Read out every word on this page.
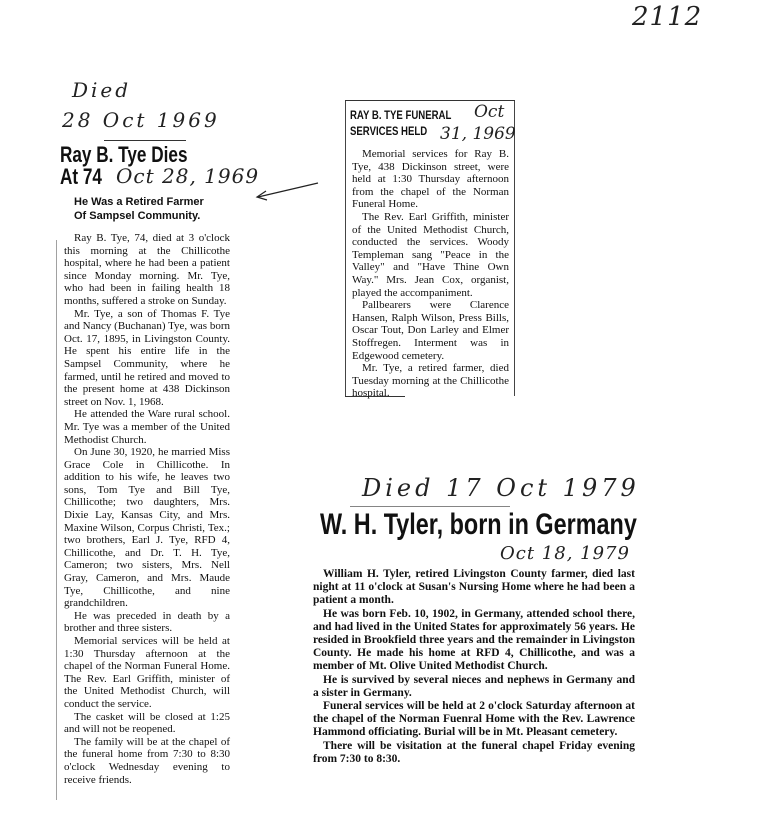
2112
Died
28 Oct 1969
Ray B. Tye Dies
At 74 Oct 28, 1969
He Was a Retired Farmer
Of Sampsel Community.

Ray B. Tye, 74, died at 3 o'clock this morning at the Chillicothe hospital, where he had been a patient since Monday morning. Mr. Tye, who had been in failing health 18 months, suffered a stroke on Sunday.

Mr. Tye, a son of Thomas F. Tye and Nancy (Buchanan) Tye, was born Oct. 17, 1895, in Livingston County. He spent his entire life in the Sampsel Community, where he farmed, until he retired and moved to the present home at 438 Dickinson street on Nov. 1, 1968.

He attended the Ware rural school. Mr. Tye was a member of the United Methodist Church.

On June 30, 1920, he married Miss Grace Cole in Chillicothe. In addition to his wife, he leaves two sons, Tom Tye and Bill Tye, Chillicothe; two daughters, Mrs. Dixie Lay, Kansas City, and Mrs. Maxine Wilson, Corpus Christi, Tex.; two brothers, Earl J. Tye, RFD 4, Chillicothe, and Dr. T. H. Tye, Cameron; two sisters, Mrs. Nell Gray, Cameron, and Mrs. Maude Tye, Chillicothe, and nine grandchildren.

He was preceded in death by a brother and three sisters.

Memorial services will be held at 1:30 Thursday afternoon at the chapel of the Norman Funeral Home. The Rev. Earl Griffith, minister of the United Methodist Church, will conduct the service.

The casket will be closed at 1:25 and will not be reopened.

The family will be at the chapel of the funeral home from 7:30 to 8:30 o'clock Wednesday evening to receive friends.

RAY B. TYE FUNERAL
SERVICES HELD
Oct
31, 1969

Memorial services for Ray B. Tye, 438 Dickinson street, were held at 1:30 Thursday afternoon from the chapel of the Norman Funeral Home.

The Rev. Earl Griffith, minister of the United Methodist Church, conducted the services. Woody Templeman sang "Peace in the Valley" and "Have Thine Own Way." Mrs. Jean Cox, organist, played the accompaniment.

Pallbearers were Clarence Hansen, Ralph Wilson, Press Bills, Oscar Tout, Don Larley and Elmer Stoffregen. Interment was in Edgewood cemetery.

Mr. Tye, a retired farmer, died Tuesday morning at the Chillicothe hospital.

Died 17 Oct 1979
W. H. Tyler, born in Germany
Oct 18, 1979

William H. Tyler, retired Livingston County farmer, died last night at 11 o'clock at Susan's Nursing Home where he had been a patient a month.

He was born Feb. 10, 1902, in Germany, attended school there, and had lived in the United States for approximately 56 years. He resided in Brookfield three years and the remainder in Livingston County. He made his home at RFD 4, Chillicothe, and was a member of Mt. Olive United Methodist Church.

He is survived by several nieces and nephews in Germany and a sister in Germany.

Funeral services will be held at 2 o'clock Saturday afternoon at the chapel of the Norman Fuenral Home with the Rev. Lawrence Hammond officiating. Burial will be in Mt. Pleasant cemetery.

There will be visitation at the funeral chapel Friday evening from 7:30 to 8:30.
